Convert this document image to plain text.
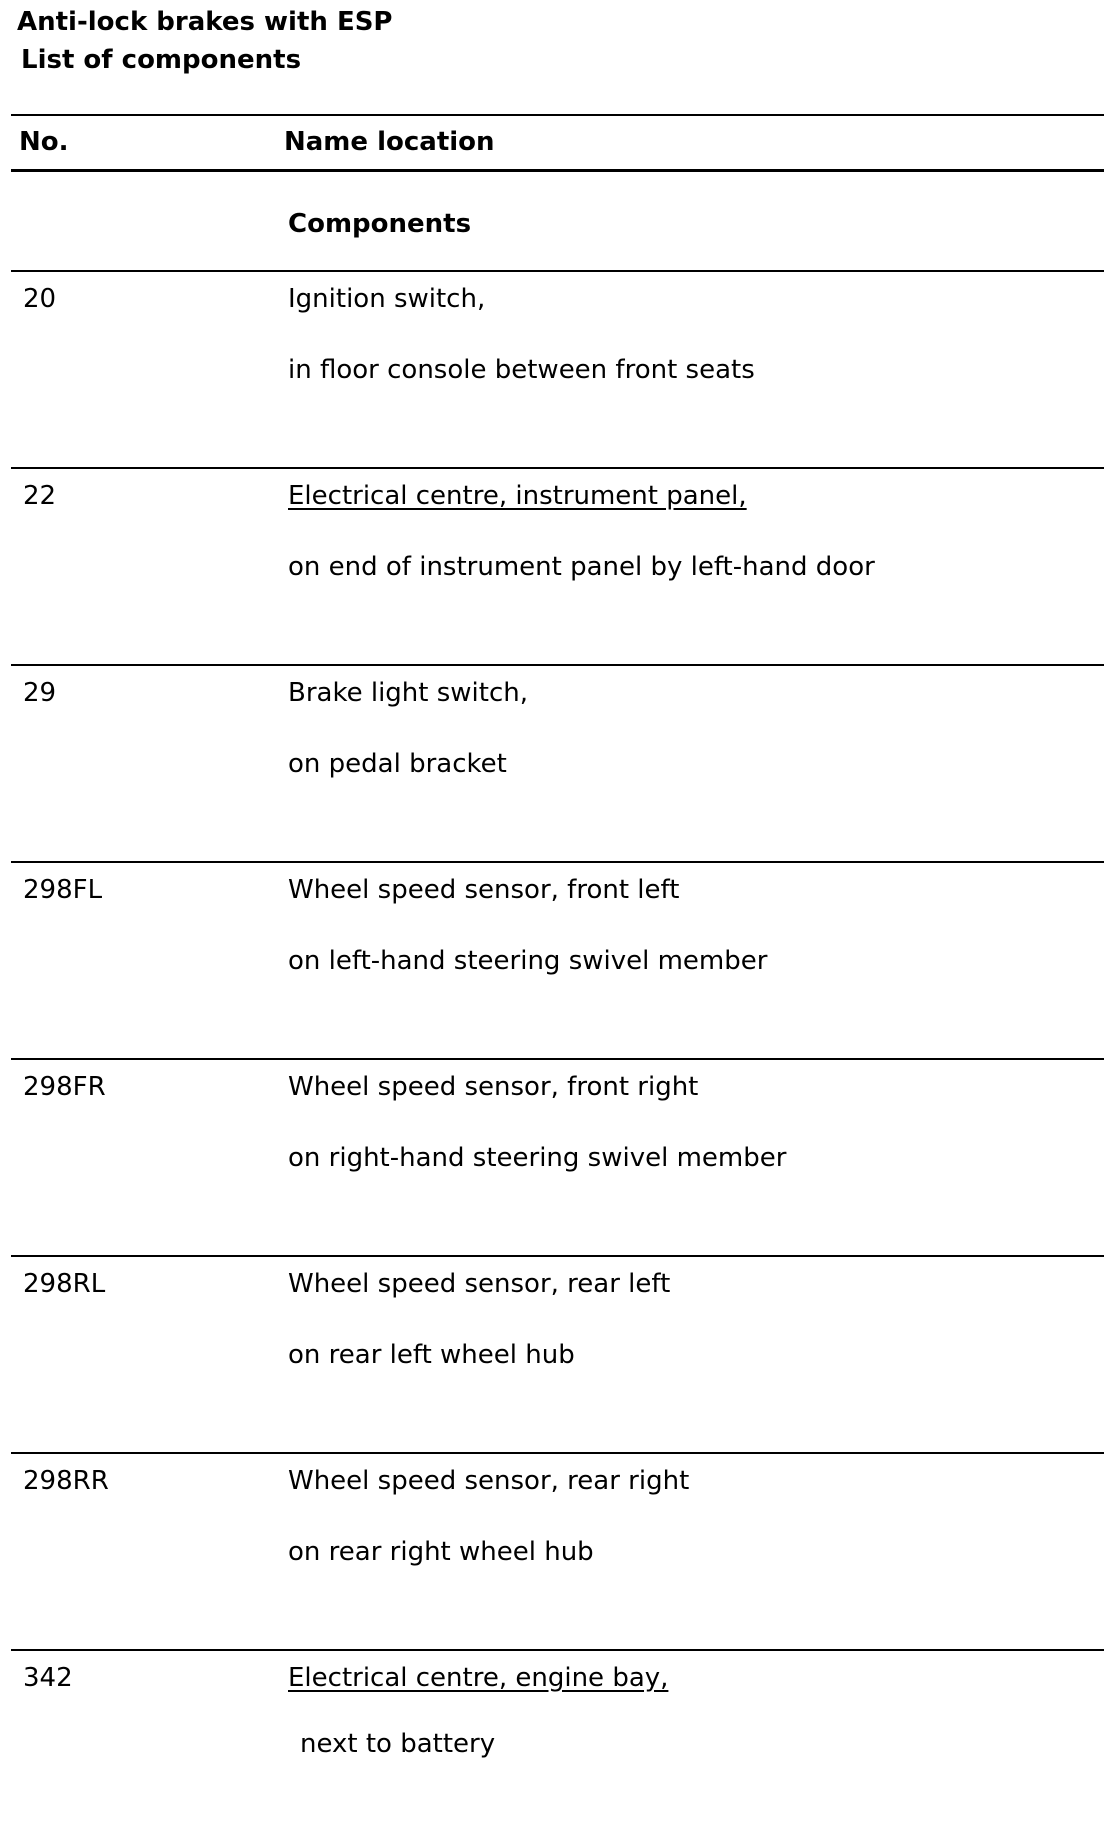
Anti-lock brakes with ESP
List of components
No.	Name location
Components
20	Ignition switch,
in floor console between front seats
22	Electrical centre, instrument panel,
on end of instrument panel by left-hand door
29	Brake light switch,
on pedal bracket
298FL	Wheel speed sensor, front left
on left-hand steering swivel member
298FR	Wheel speed sensor, front right
on right-hand steering swivel member
298RL	Wheel speed sensor, rear left
on rear left wheel hub
298RR	Wheel speed sensor, rear right
on rear right wheel hub
342	Electrical centre, engine bay,
next to battery
